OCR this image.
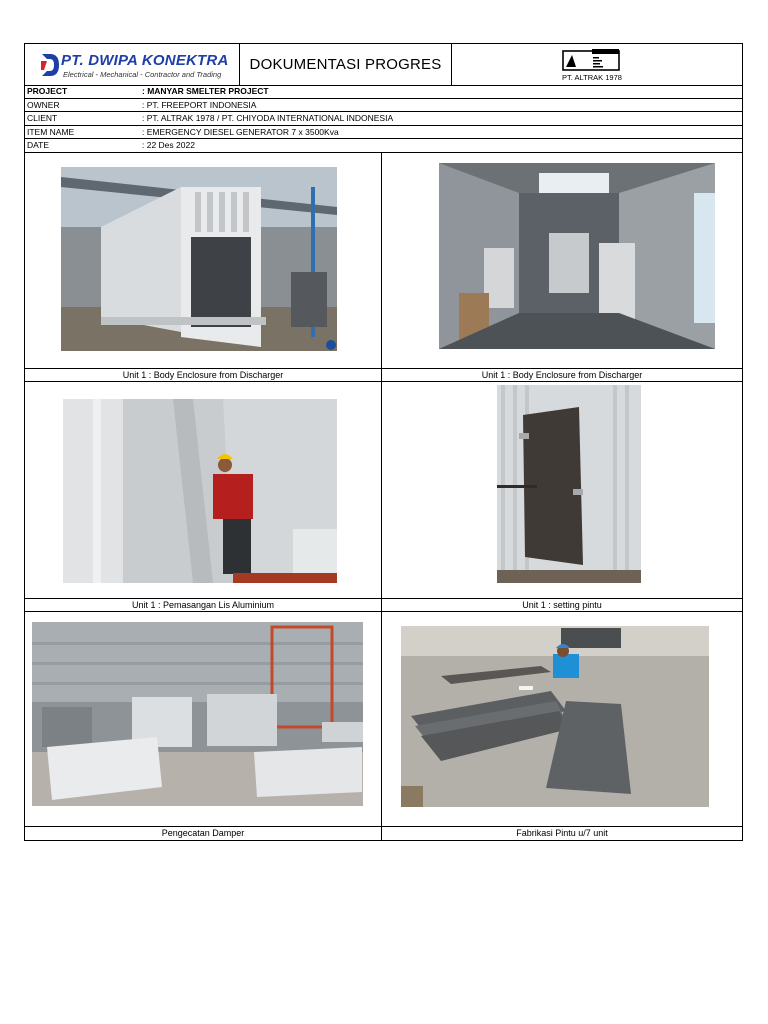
PT. DWIPA KONEKTRA
Electrical - Mechanical - Contractor and Trading
DOKUMENTASI PROGRES
PT. ALTRAK 1978
PROJECT	: MANYAR SMELTER PROJECT
OWNER	: PT. FREEPORT INDONESIA
CLIENT	: PT. ALTRAK 1978 / PT. CHIYODA INTERNATIONAL INDONESIA
ITEM NAME	: EMERGENCY DIESEL GENERATOR 7 x 3500Kva
DATE	: 22 Des 2022
Unit 1 : Body Enclosure from Discharger	Unit 1 : Body Enclosure from Discharger
Unit 1 : Pemasangan Lis Aluminium	Unit 1 : setting pintu
Pengecatan Damper	Fabrikasi Pintu u/7 unit
